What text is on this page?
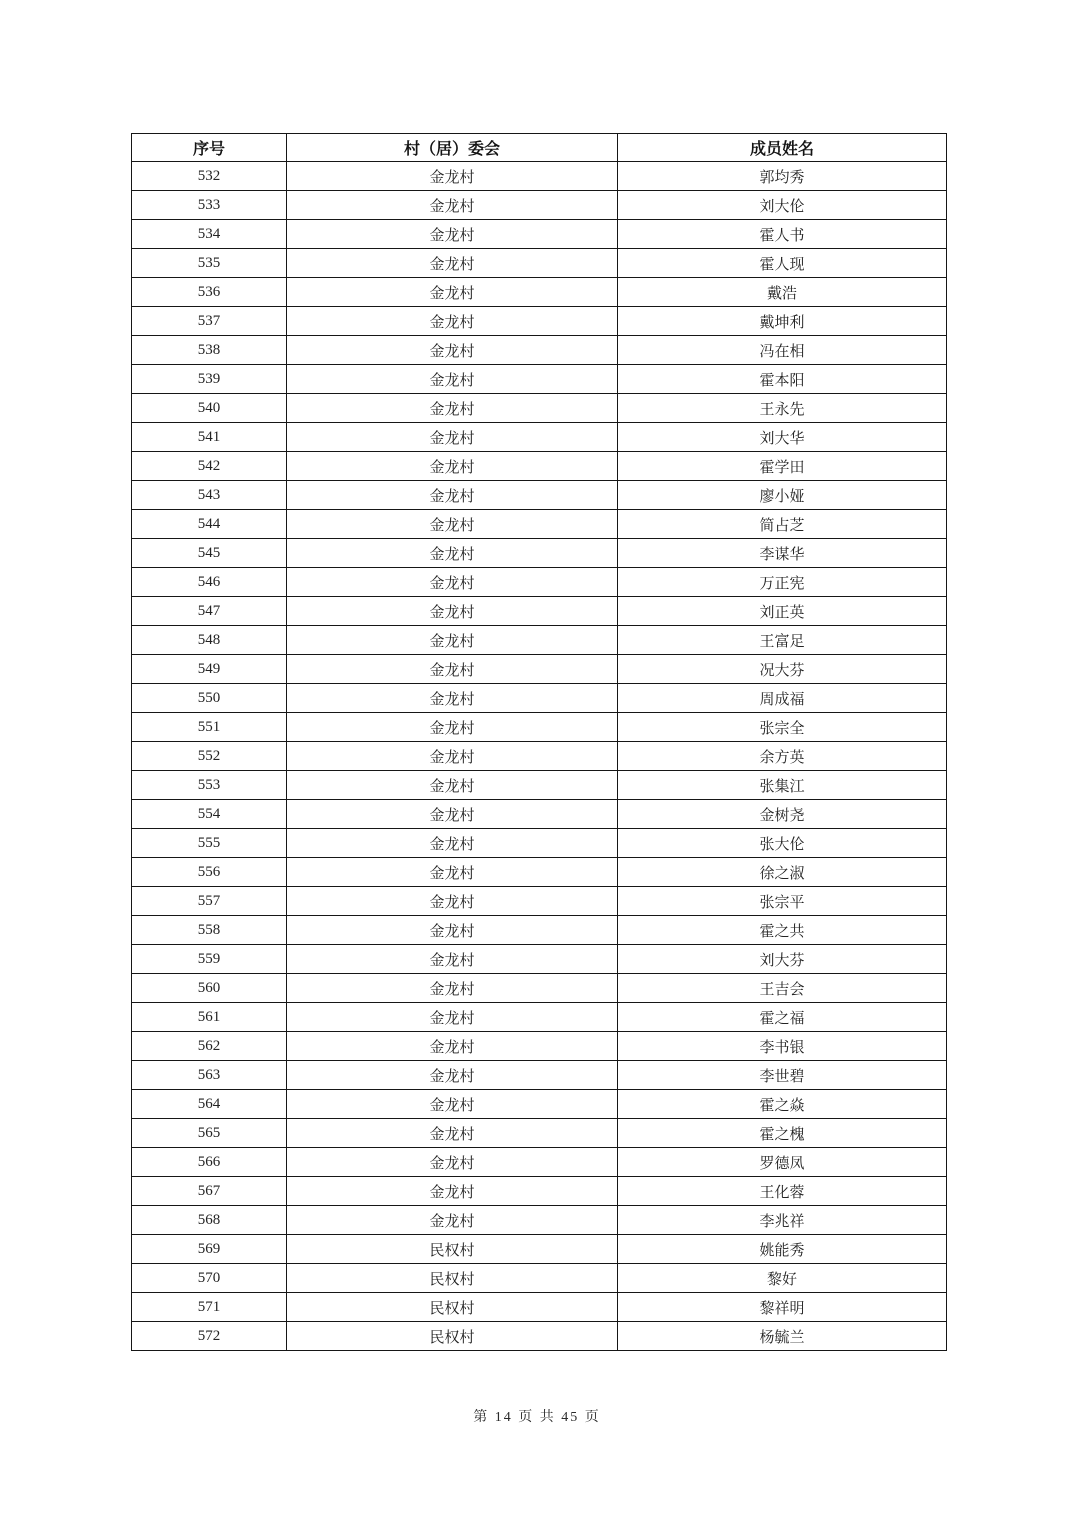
序号	村（居）委会	成员姓名
532	金龙村	郭均秀
533	金龙村	刘大伦
534	金龙村	霍人书
535	金龙村	霍人现
536	金龙村	戴浩
537	金龙村	戴坤利
538	金龙村	冯在相
539	金龙村	霍本阳
540	金龙村	王永先
541	金龙村	刘大华
542	金龙村	霍学田
543	金龙村	廖小娅
544	金龙村	简占芝
545	金龙村	李谋华
546	金龙村	万正宪
547	金龙村	刘正英
548	金龙村	王富足
549	金龙村	况大芬
550	金龙村	周成福
551	金龙村	张宗全
552	金龙村	余方英
553	金龙村	张集江
554	金龙村	金树尧
555	金龙村	张大伦
556	金龙村	徐之淑
557	金龙村	张宗平
558	金龙村	霍之共
559	金龙村	刘大芬
560	金龙村	王吉会
561	金龙村	霍之福
562	金龙村	李书银
563	金龙村	李世碧
564	金龙村	霍之焱
565	金龙村	霍之槐
566	金龙村	罗德凤
567	金龙村	王化蓉
568	金龙村	李兆祥
569	民权村	姚能秀
570	民权村	黎好
571	民权村	黎祥明
572	民权村	杨毓兰
第 14 页 共 45 页
